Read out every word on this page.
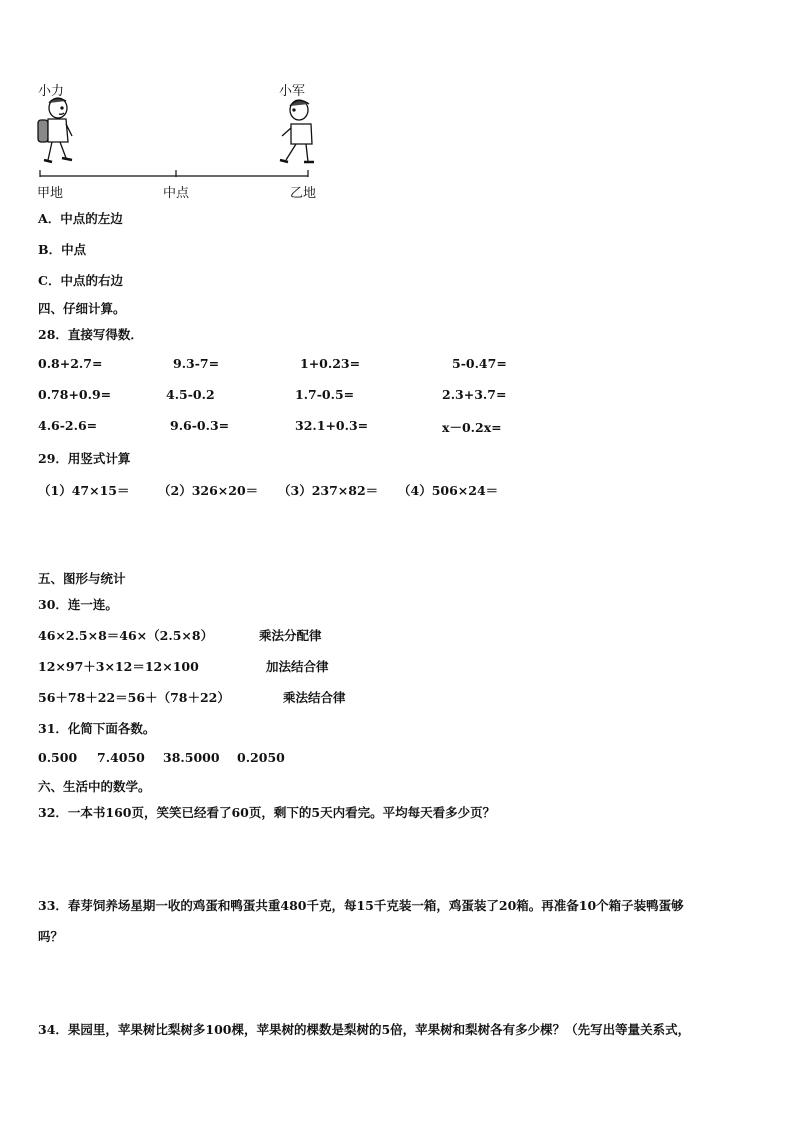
小力	小军
甲地	中点	乙地
A．中点的左边
B．中点
C．中点的右边
四、仔细计算。
28．直接写得数．
0.8+2.7=	9.3-7=	1+0.23=	5-0.47=
0.78+0.9=	4.5-0.2	1.7-0.5=	2.3+3.7=
4.6-2.6=	9.6-0.3=	32.1+0.3=	x－0.2x=
29．用竖式计算
（1）47×15＝ （2）326×20＝ （3）237×82＝ （4）506×24＝
五、图形与统计
30．连一连。
46×2.5×8＝46×（2.5×8）	乘法分配律
12×97＋3×12＝12×100	加法结合律
56＋78＋22＝56＋（78＋22）	乘法结合律
31．化简下面各数。
0.500 7.4050 38.5000 0.2050
六、生活中的数学。
32．一本书160页，笑笑已经看了60页，剩下的5天内看完。平均每天看多少页？
33．春芽饲养场星期一收的鸡蛋和鸭蛋共重480千克，每15千克装一箱，鸡蛋装了20箱。再准备10个箱子装鸭蛋够
吗？
34．果园里，苹果树比梨树多100棵，苹果树的棵数是梨树的5倍，苹果树和梨树各有多少棵？（先写出等量关系式，
